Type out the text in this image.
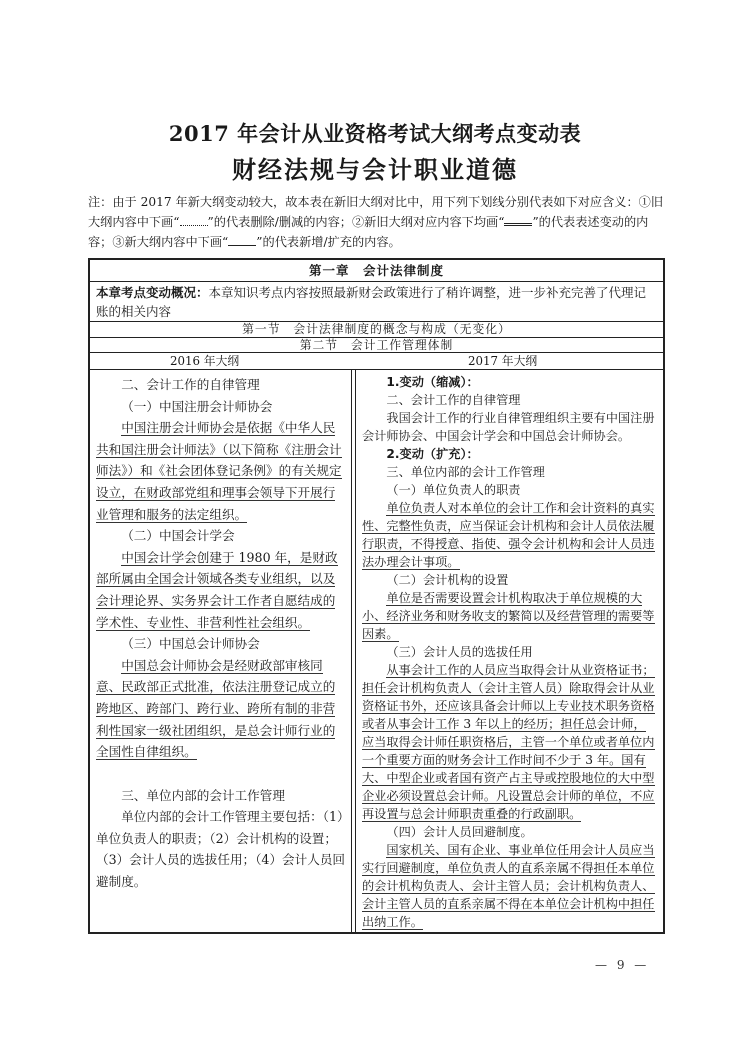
2017 年会计从业资格考试大纲考点变动表
财经法规与会计职业道德

注：由于 2017 年新大纲变动较大，故本表在新旧大纲对比中，用下列下划线分别代表如下对应含义：①旧大纲内容中下画“ ”的代表删除/删减的内容；②新旧大纲对应内容下均画“ ”的代表表述变动的内容；③新大纲内容中下画“ ”的代表新增/扩充的内容。

第一章　会计法律制度
本章考点变动概况：本章知识考点内容按照最新财会政策进行了稍许调整，进一步补充完善了代理记账的相关内容
第一节　会计法律制度的概念与构成（无变化）
第二节　会计工作管理体制
2016 年大纲	2017 年大纲

二、会计工作的自律管理

（一）中国注册会计师协会

中国注册会计师协会是依据《中华人民共和国注册会计师法》（以下简称《注册会计师法》）和《社会团体登记条例》的有关规定设立，在财政部党组和理事会领导下开展行业管理和服务的法定组织。

（二）中国会计学会

中国会计学会创建于 1980 年，是财政部所属由全国会计领域各类专业组织，以及会计理论界、实务界会计工作者自愿结成的学术性、专业性、非营利性社会组织。

（三）中国总会计师协会

中国总会计师协会是经财政部审核同意、民政部正式批准，依法注册登记成立的跨地区、跨部门、跨行业、跨所有制的非营利性国家一级社团组织，是总会计师行业的全国性自律组织。

三、单位内部的会计工作管理

单位内部的会计工作管理主要包括：（1）单位负责人的职责；（2）会计机构的设置；（3）会计人员的选拔任用；（4）会计人员回避制度。

1.变动（缩减）：

二、会计工作的自律管理

我国会计工作的行业自律管理组织主要有中国注册会计师协会、中国会计学会和中国总会计师协会。

2.变动（扩充）：

三、单位内部的会计工作管理

（一）单位负责人的职责

单位负责人对本单位的会计工作和会计资料的真实性、完整性负责，应当保证会计机构和会计人员依法履行职责，不得授意、指使、强令会计机构和会计人员违法办理会计事项。

（二）会计机构的设置

单位是否需要设置会计机构取决于单位规模的大小、经济业务和财务收支的繁简以及经营管理的需要等因素。

（三）会计人员的选拔任用

从事会计工作的人员应当取得会计从业资格证书；担任会计机构负责人（会计主管人员）除取得会计从业资格证书外，还应该具备会计师以上专业技术职务资格或者从事会计工作 3 年以上的经历；担任总会计师，应当取得会计师任职资格后，主管一个单位或者单位内一个重要方面的财务会计工作时间不少于 3 年。国有大、中型企业或者国有资产占主导或控股地位的大中型企业必须设置总会计师。凡设置总会计师的单位，不应再设置与总会计师职责重叠的行政副职。

（四）会计人员回避制度。

国家机关、国有企业、事业单位任用会计人员应当实行回避制度，单位负责人的直系亲属不得担任本单位的会计机构负责人、会计主管人员；会计机构负责人、会计主管人员的直系亲属不得在本单位会计机构中担任出纳工作。

— 9 —
